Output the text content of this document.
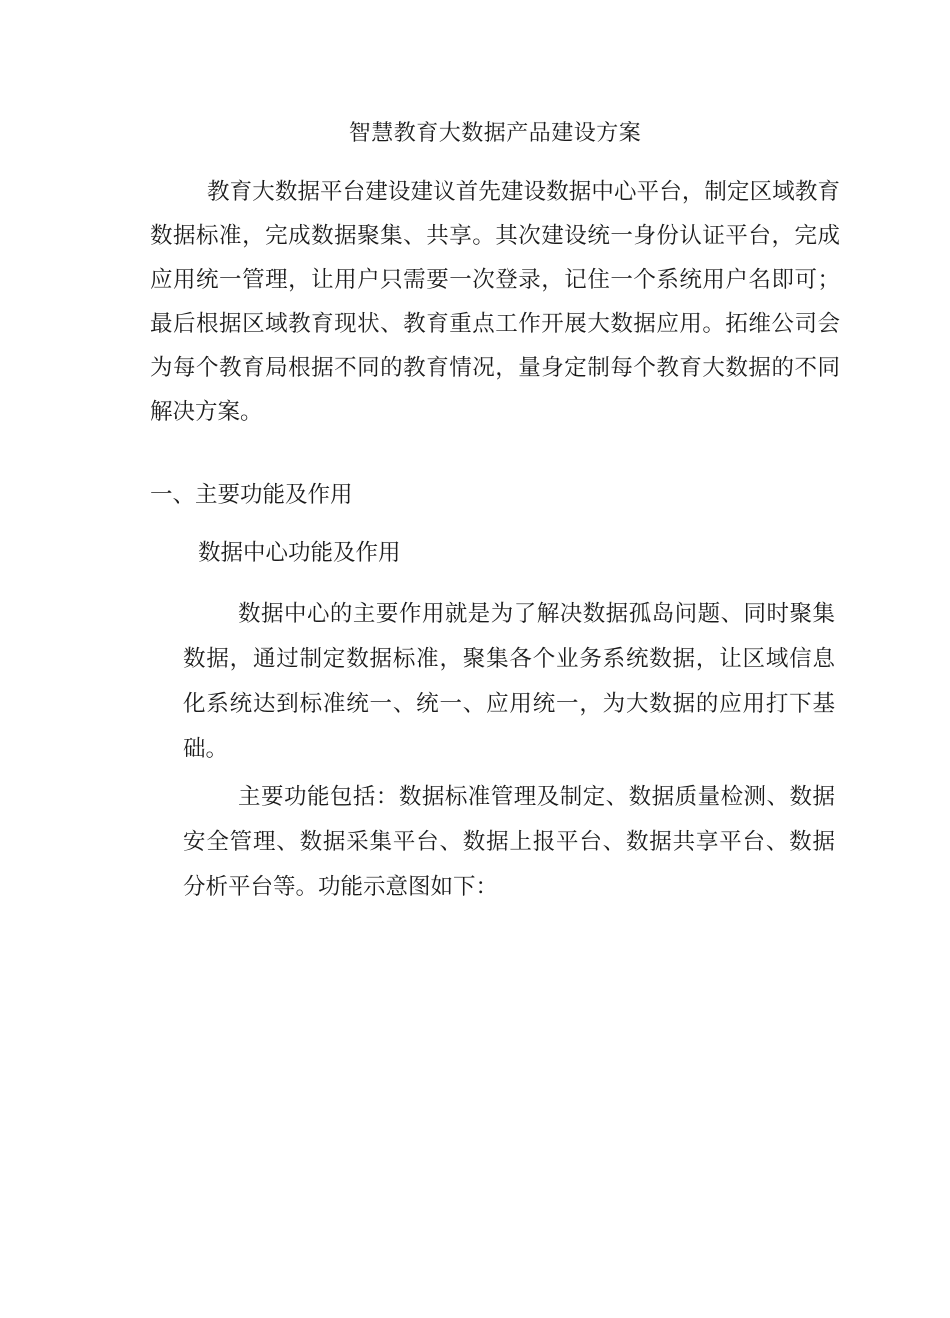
智慧教育大数据产品建设方案

教育大数据平台建设建议首先建设数据中心平台，制定区域教育数据标准，完成数据聚集、共享。其次建设统一身份认证平台，完成应用统一管理，让用户只需要一次登录，记住一个系统用户名即可；最后根据区域教育现状、教育重点工作开展大数据应用。拓维公司会为每个教育局根据不同的教育情况，量身定制每个教育大数据的不同解决方案。

一、主要功能及作用
数据中心功能及作用

数据中心的主要作用就是为了解决数据孤岛问题、同时聚集数据，通过制定数据标准，聚集各个业务系统数据，让区域信息化系统达到标准统一、统一、应用统一，为大数据的应用打下基础。

主要功能包括：数据标准管理及制定、数据质量检测、数据安全管理、数据采集平台、数据上报平台、数据共享平台、数据分析平台等。功能示意图如下：
